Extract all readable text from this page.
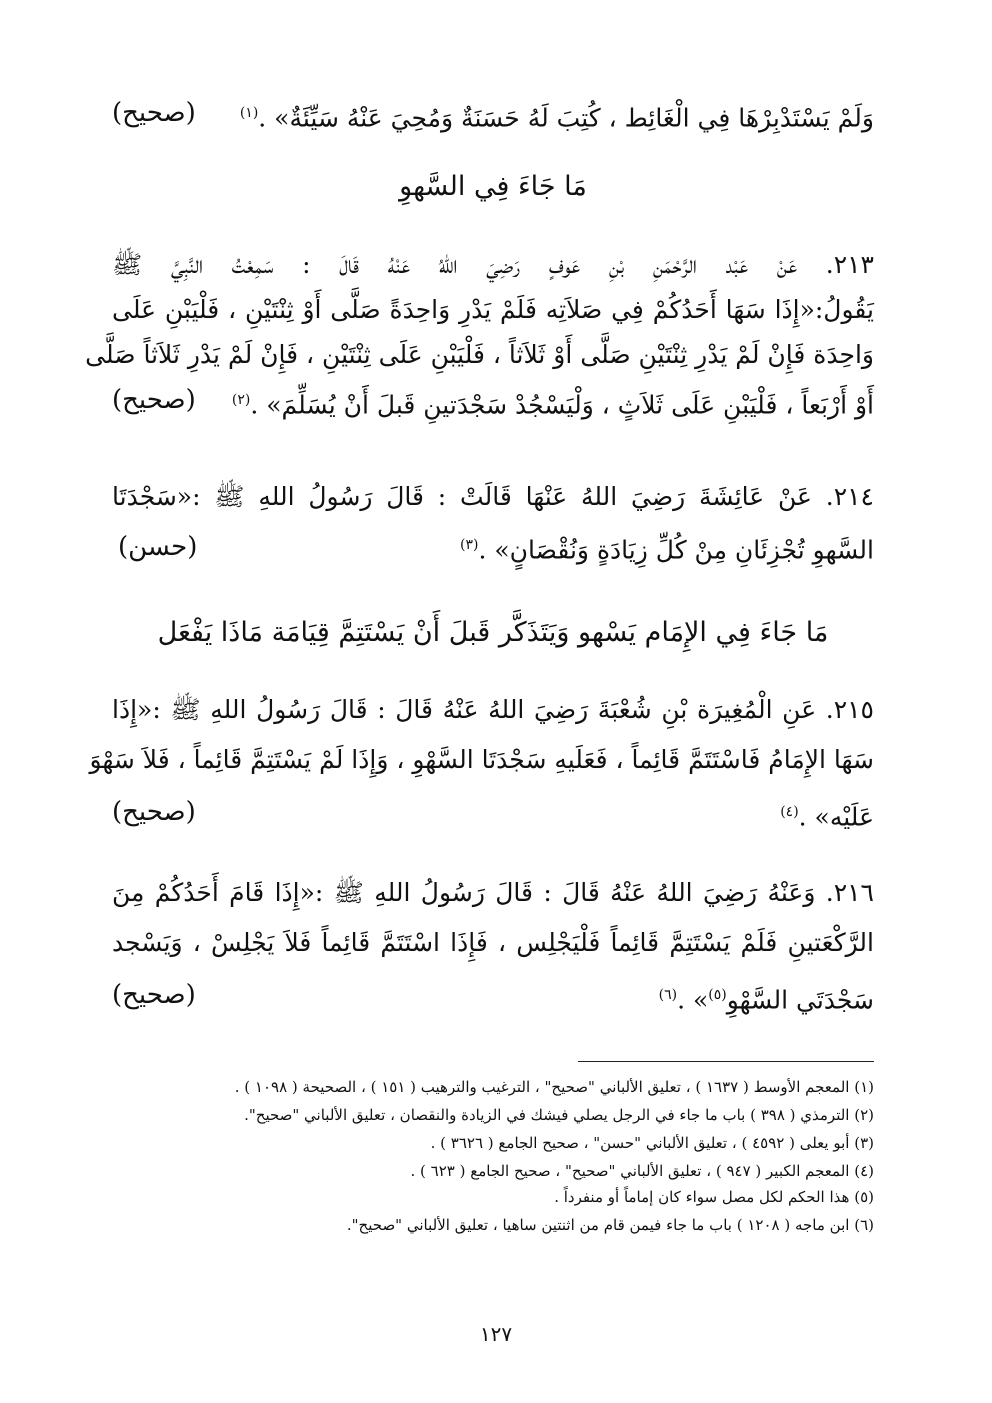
وَلَمْ يَسْتَدْبِرْهَا فِي الْغَائِط ، كُتِبَ لَهُ حَسَنَةٌ وَمُحِيَ عَنْهُ سَيِّئَةٌ» .$^{(١)}$
(صحيح)
مَا جَاءَ فِي السَّهوِ
٢١٣. عَنْ عَبْد الرَّحْمَنِ بْنِ عَوفٍ رَضِيَ اللهُ عَنْهُ قَالَ : سَمِعْتُ النَّبِيَّ ﷺ
يَقُولُ:«إِذَا سَهَا أَحَدُكُمْ فِي صَلاَتِه فَلَمْ يَدْرِ وَاحِدَةً صَلَّى أَوْ ثِنْتَيْنِ ، فَلْيَبْنِ عَلَى
وَاحِدَة فَإِنْ لَمْ يَدْرِ ثِنْتَيْنِ صَلَّى أَوْ ثَلاَثاً ، فَلْيَبْنِ عَلَى ثِنْتَيْنِ ، فَإِنْ لَمْ يَدْرِ ثَلاَثاً صَلَّى
أَوْ أَرْبَعاً ، فَلْيَبْنِ عَلَى ثَلاَثٍ ، وَلْيَسْجُدْ سَجْدَتينِ قَبلَ أَنْ يُسَلِّمَ» .$^{(٢)}$
(صحيح)
٢١٤. عَنْ عَائِشَةَ رَضِيَ اللهُ عَنْهَا قَالَتْ : قَالَ رَسُولُ اللهِ ﷺ :«سَجْدَتَا
السَّهوِ تُجْزِئَانِ مِنْ كُلِّ زِيَادَةٍ وَنُقْصَانٍ» .$^{(٣)}$
(حسن)
مَا جَاءَ فِي الإِمَام يَسْهو وَيَتَذَكَّر قَبلَ أَنْ يَسْتَتِمَّ قِيَامَة مَاذَا يَفْعَل
٢١٥. عَنِ الْمُغِيرَة بْنِ شُعْبَةَ رَضِيَ اللهُ عَنْهُ قَالَ : قَالَ رَسُولُ اللهِ ﷺ :«إِذَا
سَهَا الإِمَامُ فَاسْتَتَمَّ قَائِماً ، فَعَلَيهِ سَجْدَتَا السَّهْوِ ، وَإِذَا لَمْ يَسْتَتِمَّ قَائِماً ، فَلاَ سَهْوَ
عَلَيْه» .$^{(٤)}$
(صحيح)
٢١٦. وَعَنْهُ رَضِيَ اللهُ عَنْهُ قَالَ : قَالَ رَسُولُ اللهِ ﷺ :«إِذَا قَامَ أَحَدُكُمْ مِنَ
الرَّكْعَتينِ فَلَمْ يَسْتَتِمَّ قَائِماً فَلْيَجْلِس ، فَإِذَا اسْتَتَمَّ قَائِماً فَلاَ يَجْلِسْ ، وَيَسْجد
سَجْدَتَي السَّهْوِ$^{(٥)}$» .$^{(٦)}$
(صحيح)
(١) المعجم الأوسط ( ١٦٣٧ ) ، تعليق الألباني "صحيح" ، الترغيب والترهيب ( ١٥١ ) ، الصحيحة ( ١٠٩٨ ) .
(٢) الترمذي ( ٣٩٨ ) باب ما جاء في الرجل يصلي فيشك في الزيادة والنقصان ، تعليق الألباني "صحيح".
(٣) أبو يعلى ( ٤٥٩٢ ) ، تعليق الألباني "حسن" ، صحيح الجامع ( ٣٦٢٦ ) .
(٤) المعجم الكبير ( ٩٤٧ ) ، تعليق الألباني "صحيح" ، صحيح الجامع ( ٦٢٣ ) .
(٥) هذا الحكم لكل مصل سواء كان إماماً أو منفرداً .
(٦) ابن ماجه ( ١٢٠٨ ) باب ما جاء فيمن قام من اثنتين ساهيا ، تعليق الألباني "صحيح".
١٢٧
